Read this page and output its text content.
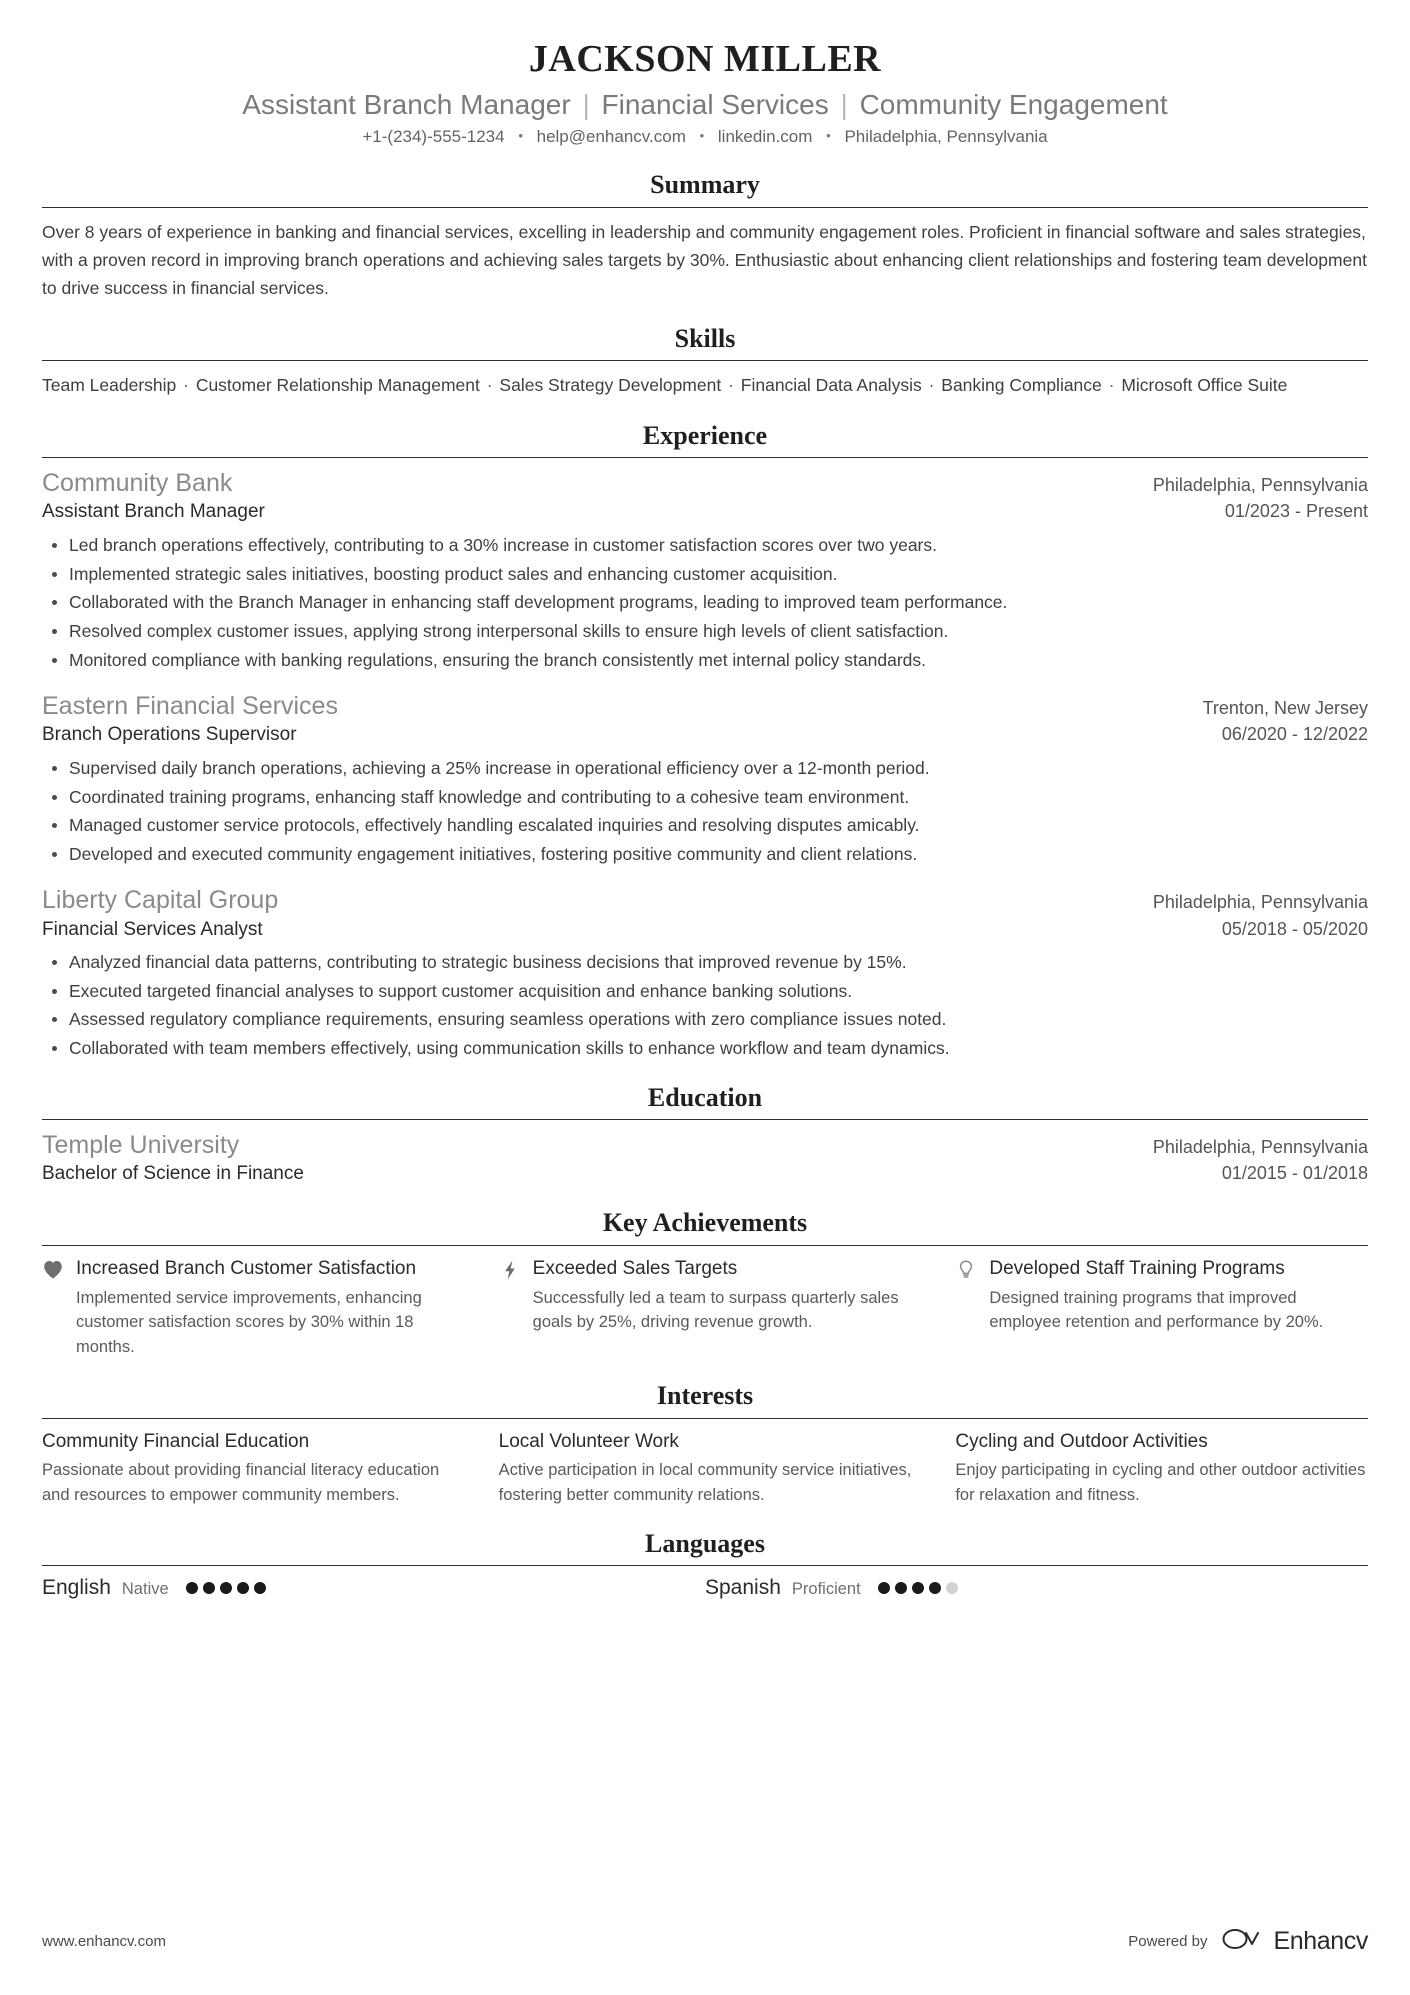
JACKSON MILLER
Assistant Branch Manager | Financial Services | Community Engagement
+1-(234)-555-1234 • help@enhancv.com • linkedin.com • Philadelphia, Pennsylvania
Summary

Over 8 years of experience in banking and financial services, excelling in leadership and community engagement roles. Proficient in financial software and sales strategies, with a proven record in improving branch operations and achieving sales targets by 30%. Enthusiastic about enhancing client relationships and fostering team development to drive success in financial services.

Skills

Team Leadership · Customer Relationship Management · Sales Strategy Development · Financial Data Analysis · Banking Compliance · Microsoft Office Suite

Experience
Community Bank	Philadelphia, Pennsylvania
Assistant Branch Manager	01/2023 - Present
Led branch operations effectively, contributing to a 30% increase in customer satisfaction scores over two years.
Implemented strategic sales initiatives, boosting product sales and enhancing customer acquisition.
Collaborated with the Branch Manager in enhancing staff development programs, leading to improved team performance.
Resolved complex customer issues, applying strong interpersonal skills to ensure high levels of client satisfaction.
Monitored compliance with banking regulations, ensuring the branch consistently met internal policy standards.
Eastern Financial Services	Trenton, New Jersey
Branch Operations Supervisor	06/2020 - 12/2022
Supervised daily branch operations, achieving a 25% increase in operational efficiency over a 12-month period.
Coordinated training programs, enhancing staff knowledge and contributing to a cohesive team environment.
Managed customer service protocols, effectively handling escalated inquiries and resolving disputes amicably.
Developed and executed community engagement initiatives, fostering positive community and client relations.
Liberty Capital Group	Philadelphia, Pennsylvania
Financial Services Analyst	05/2018 - 05/2020
Analyzed financial data patterns, contributing to strategic business decisions that improved revenue by 15%.
Executed targeted financial analyses to support customer acquisition and enhance banking solutions.
Assessed regulatory compliance requirements, ensuring seamless operations with zero compliance issues noted.
Collaborated with team members effectively, using communication skills to enhance workflow and team dynamics.
Education
Temple University	Philadelphia, Pennsylvania
Bachelor of Science in Finance	01/2015 - 01/2018
Key Achievements
Increased Branch Customer Satisfaction
Implemented service improvements, enhancing customer satisfaction scores by 30% within 18 months.
Exceeded Sales Targets
Successfully led a team to surpass quarterly sales goals by 25%, driving revenue growth.
Developed Staff Training Programs
Designed training programs that improved employee retention and performance by 20%.
Interests
Community Financial Education
Passionate about providing financial literacy education and resources to empower community members.
Local Volunteer Work
Active participation in local community service initiatives, fostering better community relations.
Cycling and Outdoor Activities
Enjoy participating in cycling and other outdoor activities for relaxation and fitness.
Languages
English Native	Spanish Proficient
www.enhancv.com	Powered by	Enhancv
